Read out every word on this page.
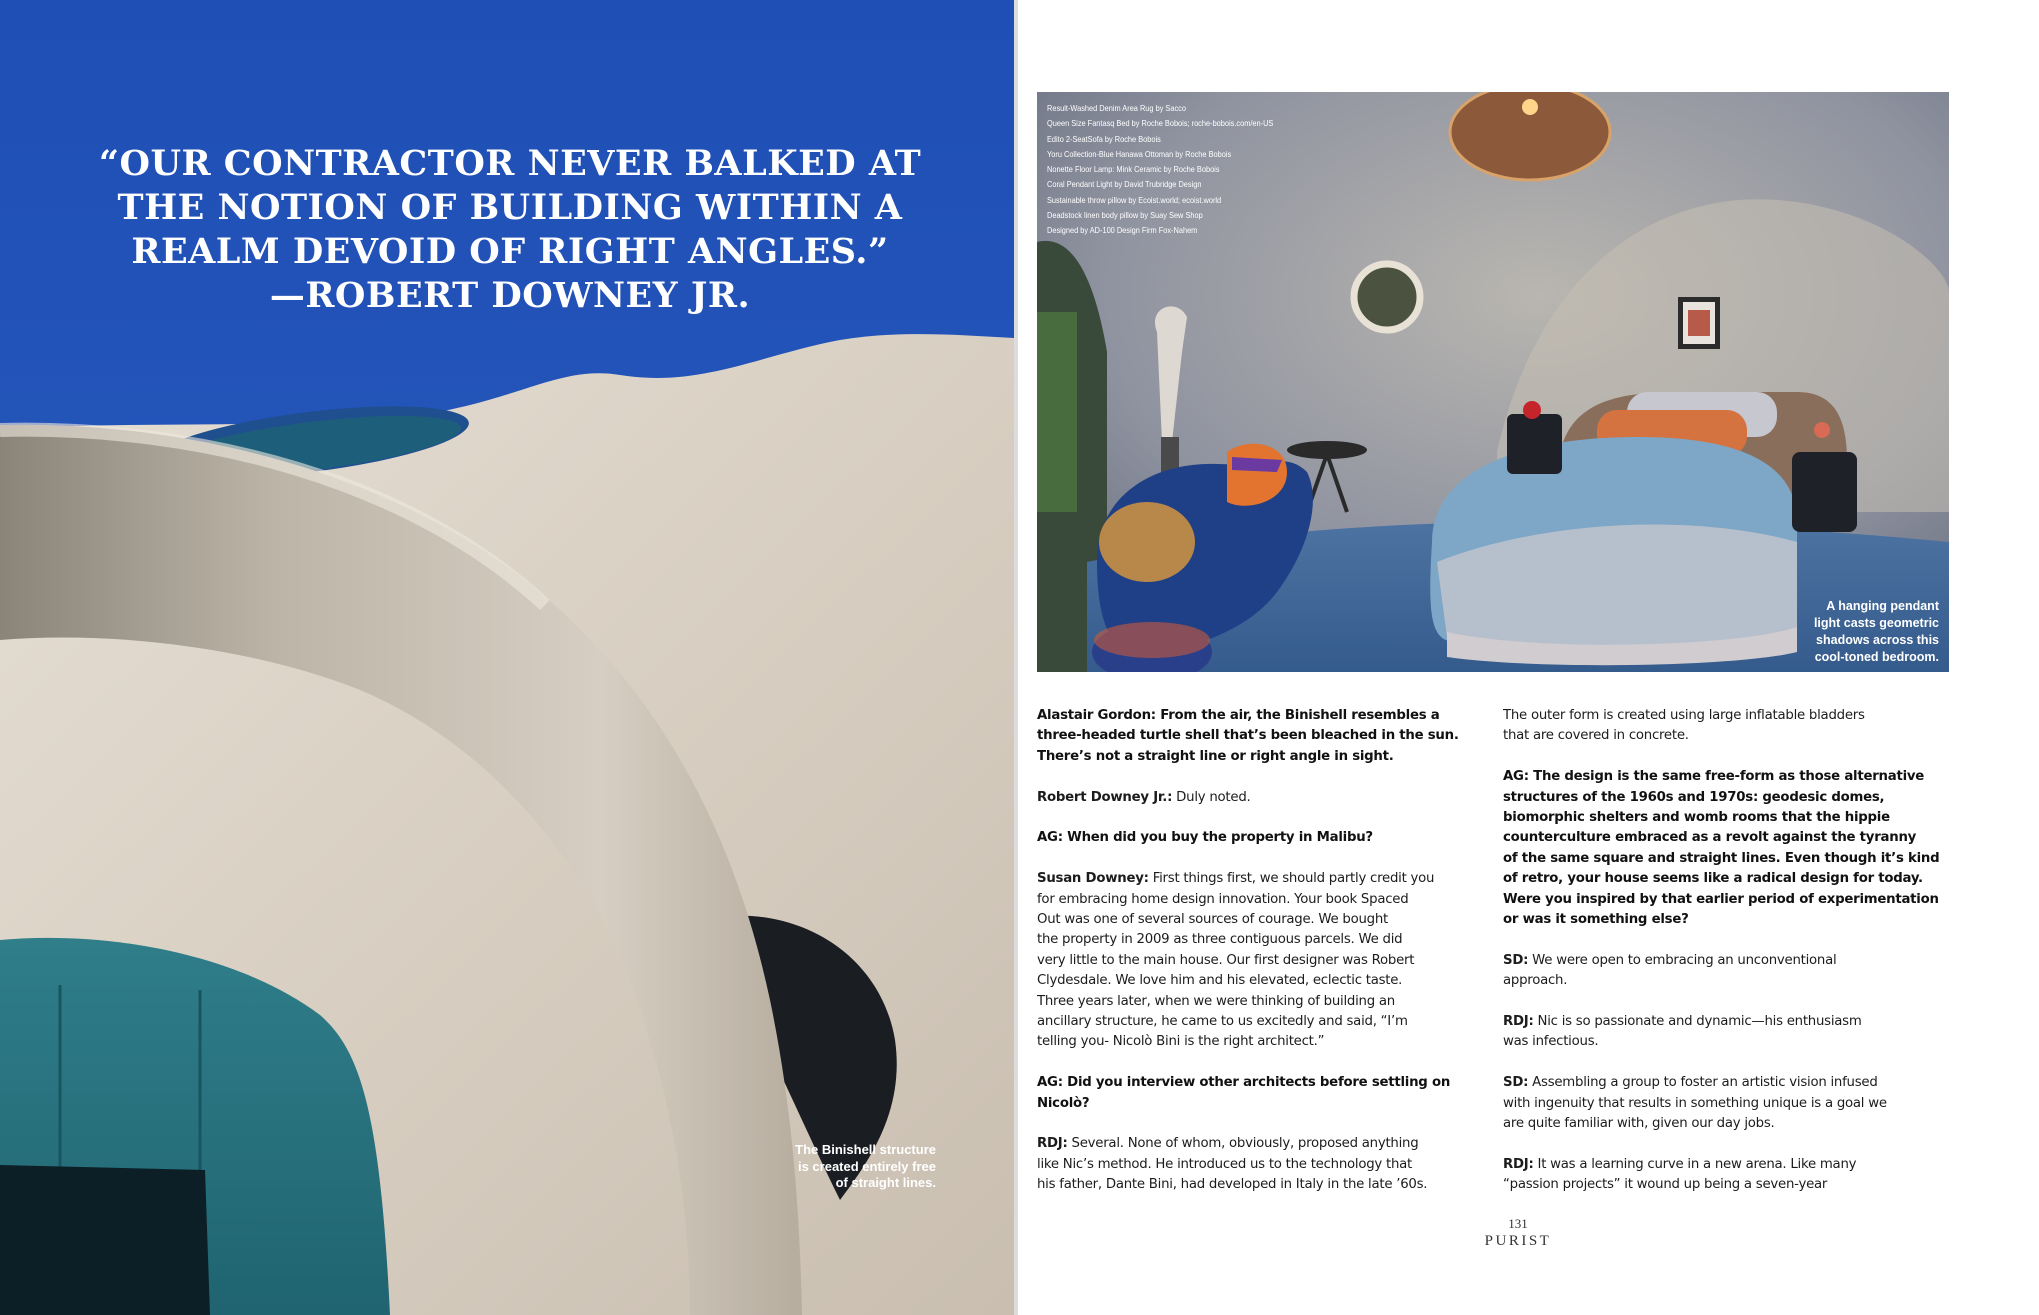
“OUR CONTRACTOR NEVER BALKED AT
THE NOTION OF BUILDING WITHIN A
REALM DEVOID OF RIGHT ANGLES.”
—ROBERT DOWNEY JR.
The Binishell structure
is created entirely free
of straight lines.
Result-Washed Denim Area Rug by Sacco
Queen Size Fantasq Bed by Roche Bobois; roche-bobois.com/en-US
Edito 2-SeatSofa by Roche Bobois
Yoru Collection-Blue Hanawa Ottoman by Roche Bobois
Nonette Floor Lamp: Mink Ceramic by Roche Bobois
Coral Pendant Light by David Trubridge Design
Sustainable throw pillow by Ecoist.world; ecoist.world
Deadstock linen body pillow by Suay Sew Shop
Designed by AD-100 Design Firm Fox-Nahem
A hanging pendant
light casts geometric
shadows across this
cool-toned bedroom.

Alastair Gordon: From the air, the Binishell resembles a
three-headed turtle shell that’s been bleached in the sun.
There’s not a straight line or right angle in sight.

Robert Downey Jr.: Duly noted.

AG: When did you buy the property in Malibu?

Susan Downey: First things first, we should partly credit you
for embracing home design innovation. Your book Spaced
Out was one of several sources of courage. We bought
the property in 2009 as three contiguous parcels. We did
very little to the main house. Our first designer was Robert
Clydesdale. We love him and his elevated, eclectic taste.
Three years later, when we were thinking of building an
ancillary structure, he came to us excitedly and said, “I’m
telling you- Nicolò Bini is the right architect.”

AG: Did you interview other architects before settling on
Nicolò?

RDJ: Several. None of whom, obviously, proposed anything
like Nic’s method. He introduced us to the technology that
his father, Dante Bini, had developed in Italy in the late ’60s.

The outer form is created using large inflatable bladders
that are covered in concrete.

AG: The design is the same free-form as those alternative
structures of the 1960s and 1970s: geodesic domes,
biomorphic shelters and womb rooms that the hippie
counterculture embraced as a revolt against the tyranny
of the same square and straight lines. Even though it’s kind
of retro, your house seems like a radical design for today.
Were you inspired by that earlier period of experimentation
or was it something else?

SD: We were open to embracing an unconventional
approach.

RDJ: Nic is so passionate and dynamic—his enthusiasm
was infectious.

SD: Assembling a group to foster an artistic vision infused
with ingenuity that results in something unique is a goal we
are quite familiar with, given our day jobs.

RDJ: It was a learning curve in a new arena. Like many
“passion projects” it wound up being a seven-year

131
PURIST
